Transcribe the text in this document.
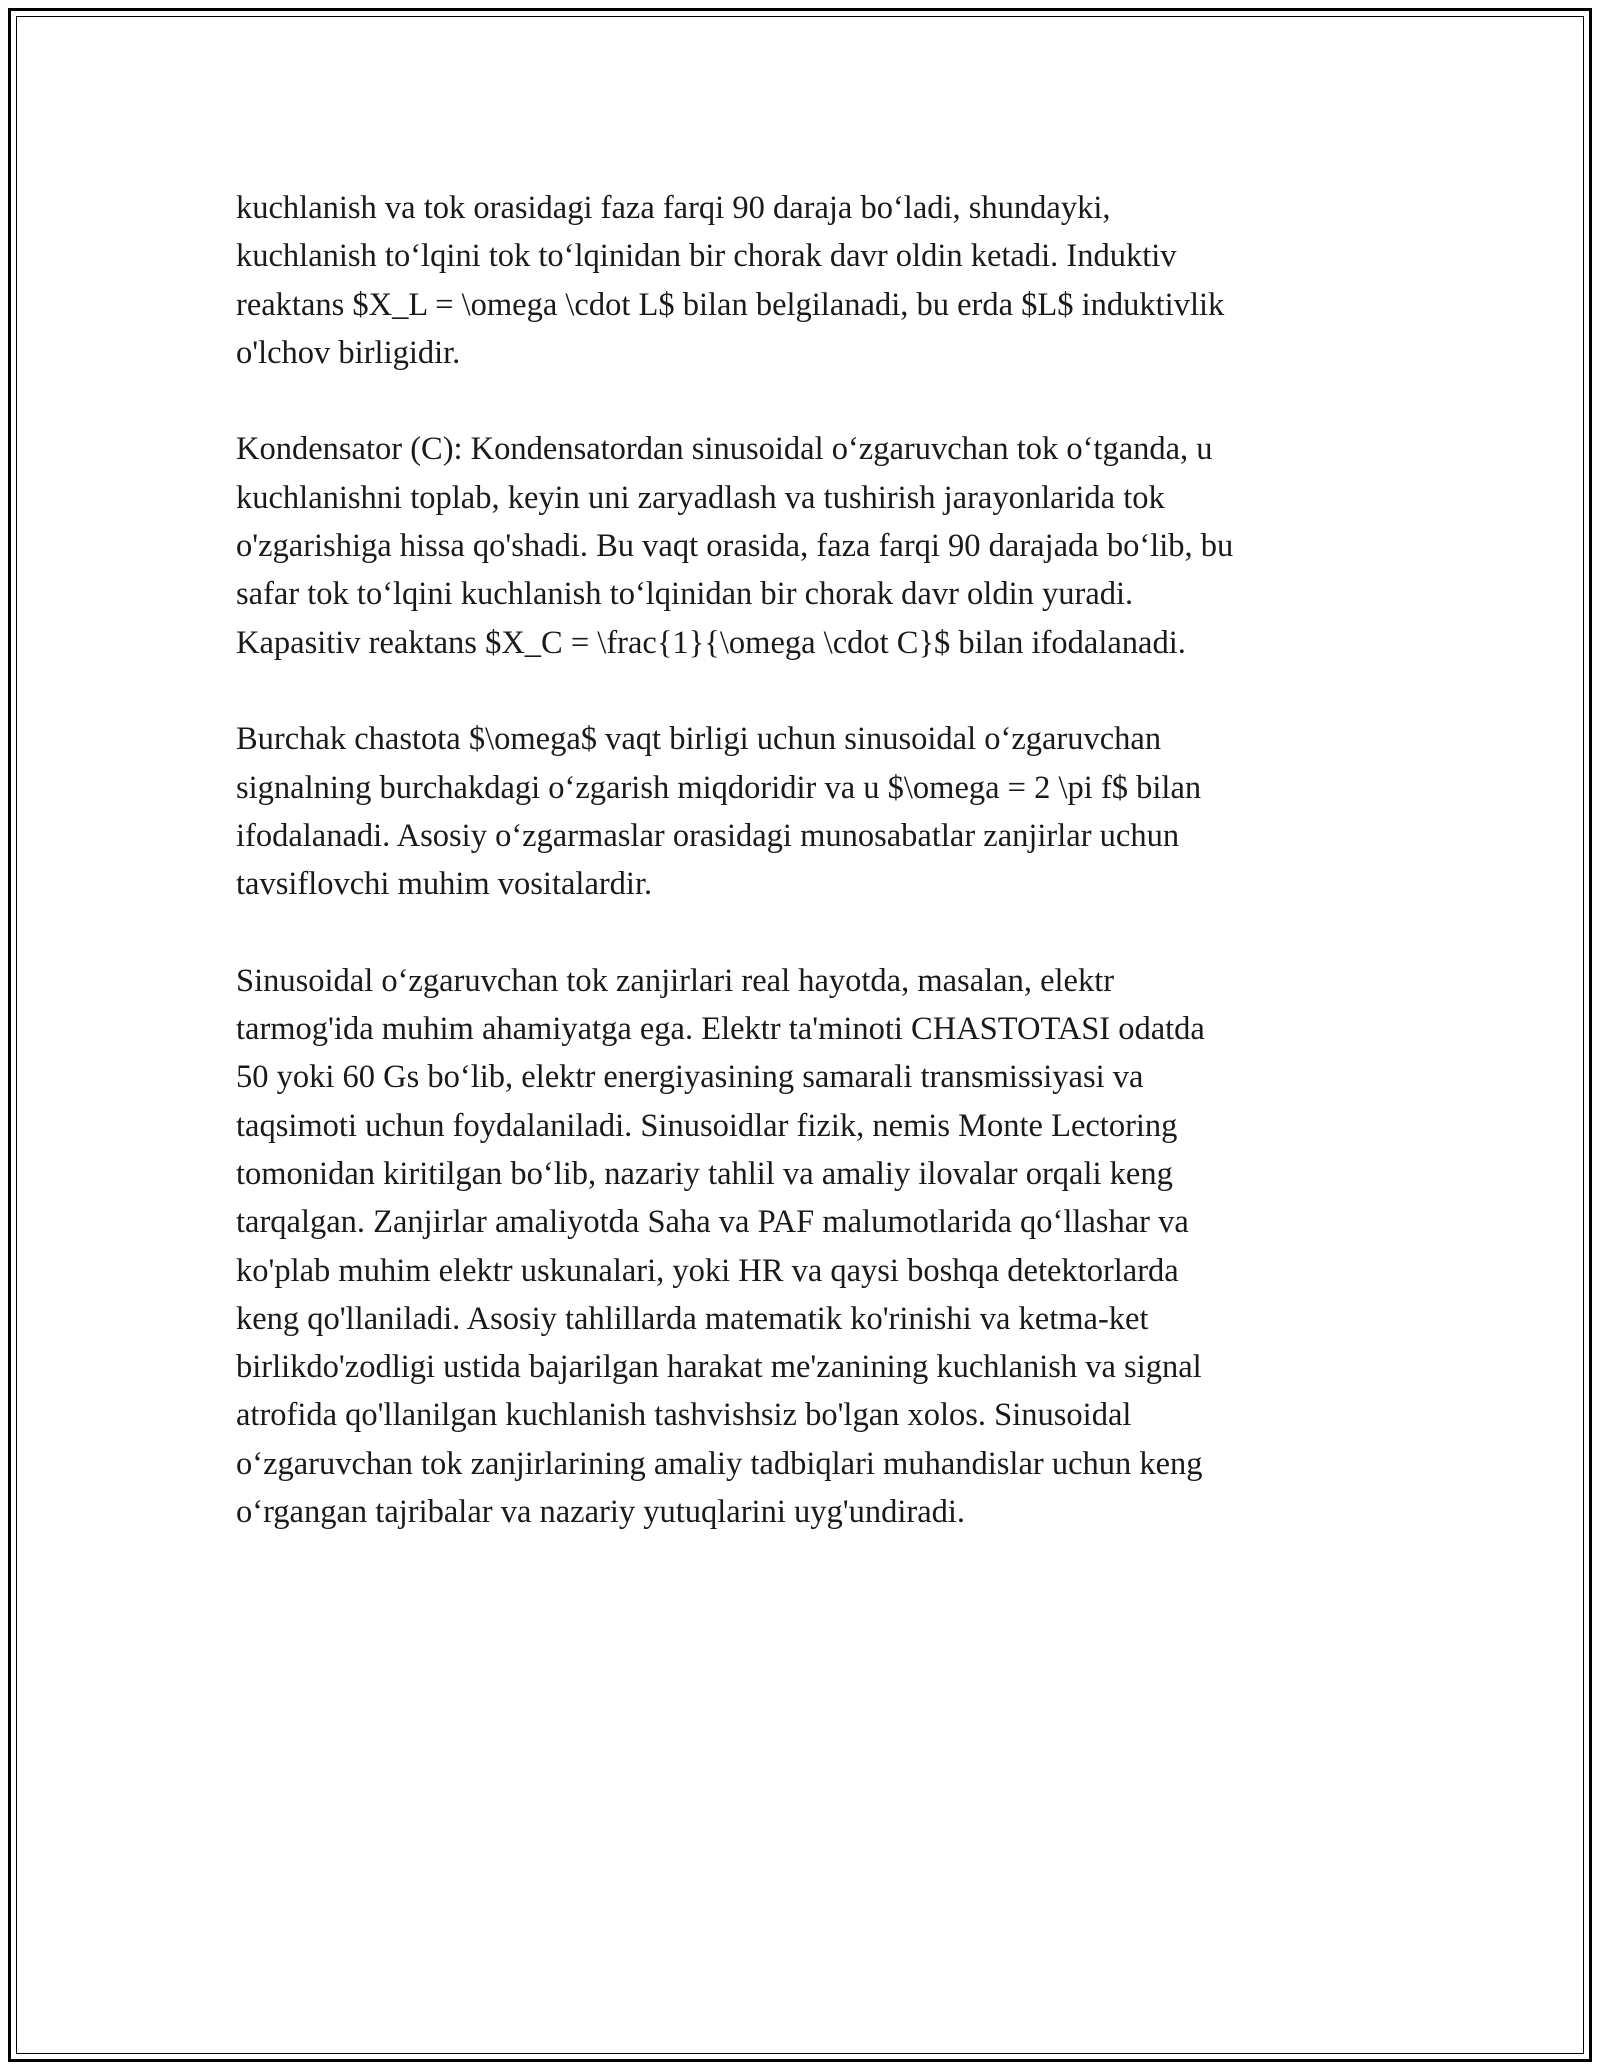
kuchlanish va tok orasidagi faza farqi 90 daraja bo‘ladi, shundayki,
kuchlanish to‘lqini tok to‘lqinidan bir chorak davr oldin ketadi. Induktiv
reaktans $X_L = \omega \cdot L$ bilan belgilanadi, bu erda $L$ induktivlik
o'lchov birligidir.

Kondensator (C): Kondensatordan sinusoidal o‘zgaruvchan tok o‘tganda, u
kuchlanishni toplab, keyin uni zaryadlash va tushirish jarayonlarida tok
o'zgarishiga hissa qo'shadi. Bu vaqt orasida, faza farqi 90 darajada bo‘lib, bu
safar tok to‘lqini kuchlanish to‘lqinidan bir chorak davr oldin yuradi.
Kapasitiv reaktans $X_C = \frac{1}{\omega \cdot C}$ bilan ifodalanadi.

Burchak chastota $\omega$ vaqt birligi uchun sinusoidal o‘zgaruvchan
signalning burchakdagi o‘zgarish miqdoridir va u $\omega = 2 \pi f$ bilan
ifodalanadi. Asosiy o‘zgarmaslar orasidagi munosabatlar zanjirlar uchun
tavsiflovchi muhim vositalardir.

Sinusoidal o‘zgaruvchan tok zanjirlari real hayotda, masalan, elektr
tarmog'ida muhim ahamiyatga ega. Elektr ta'minoti CHASTOTASI odatda
50 yoki 60 Gs bo‘lib, elektr energiyasining samarali transmissiyasi va
taqsimoti uchun foydalaniladi. Sinusoidlar fizik, nemis Monte Lectoring
tomonidan kiritilgan bo‘lib, nazariy tahlil va amaliy ilovalar orqali keng
tarqalgan. Zanjirlar amaliyotda Saha va PAF malumotlarida qo‘llashar va
ko'plab muhim elektr uskunalari, yoki HR va qaysi boshqa detektorlarda
keng qo'llaniladi. Asosiy tahlillarda matematik ko'rinishi va ketma-ket
birlikdo'zodligi ustida bajarilgan harakat me'zanining kuchlanish va signal
atrofida qo'llanilgan kuchlanish tashvishsiz bo'lgan xolos. Sinusoidal
o‘zgaruvchan tok zanjirlarining amaliy tadbiqlari muhandislar uchun keng
o‘rgangan tajribalar va nazariy yutuqlarini uyg'undiradi.
